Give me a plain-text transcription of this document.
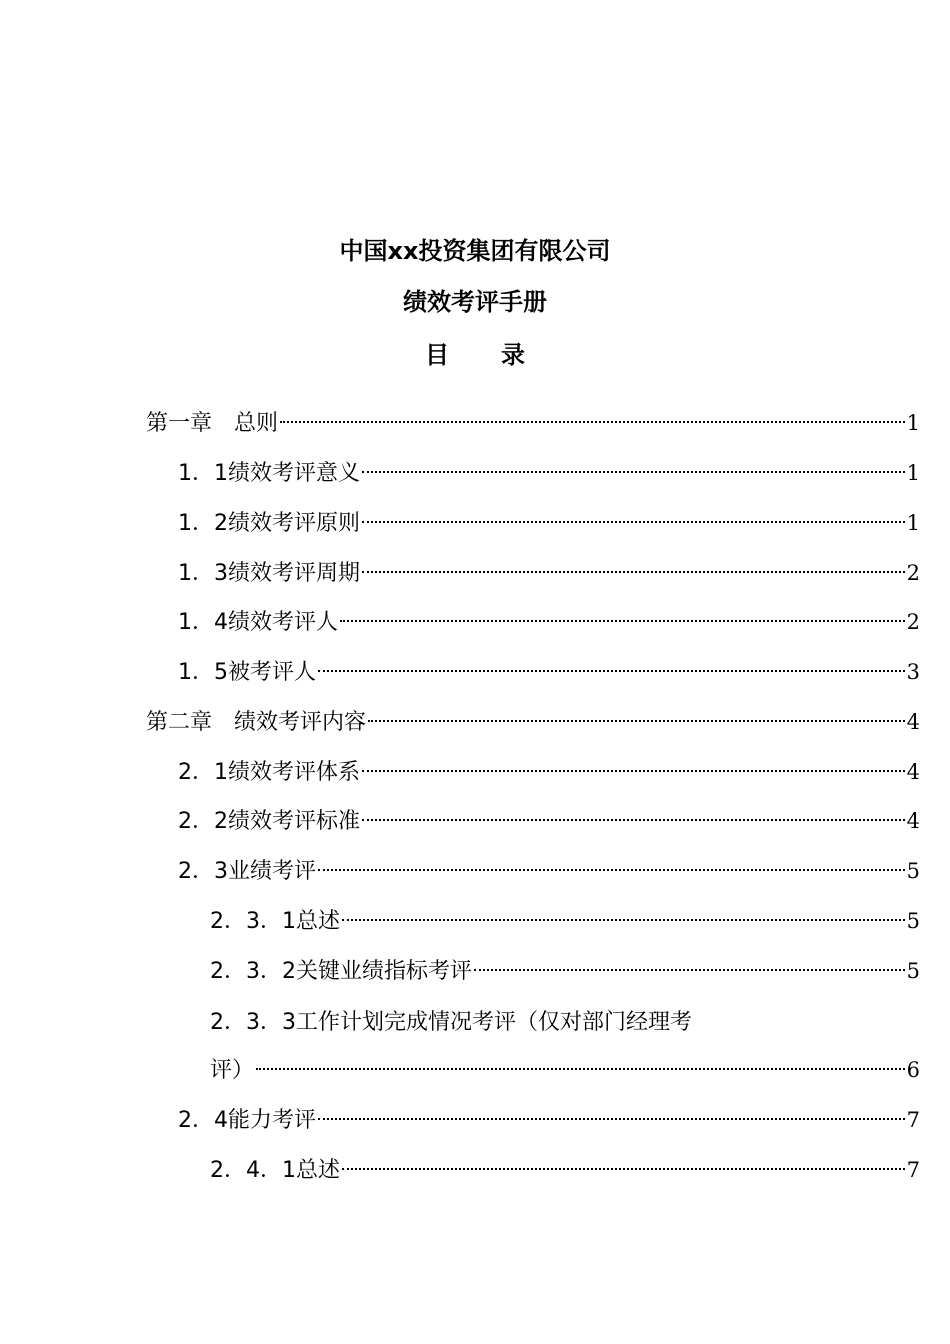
中国xx投资集团有限公司
绩效考评手册
目 录
第一章　总则	1
1．1绩效考评意义	1
1．2绩效考评原则	1
1．3绩效考评周期	2
1．4绩效考评人	2
1．5被考评人	3
第二章　绩效考评内容	4
2．1绩效考评体系	4
2．2绩效考评标准	4
2．3业绩考评	5
2．3．1总述	5
2．3．2关键业绩指标考评	5
2．3．3工作计划完成情况考评（仅对部门经理考
评）	6
2．4能力考评	7
2．4．1总述	7
